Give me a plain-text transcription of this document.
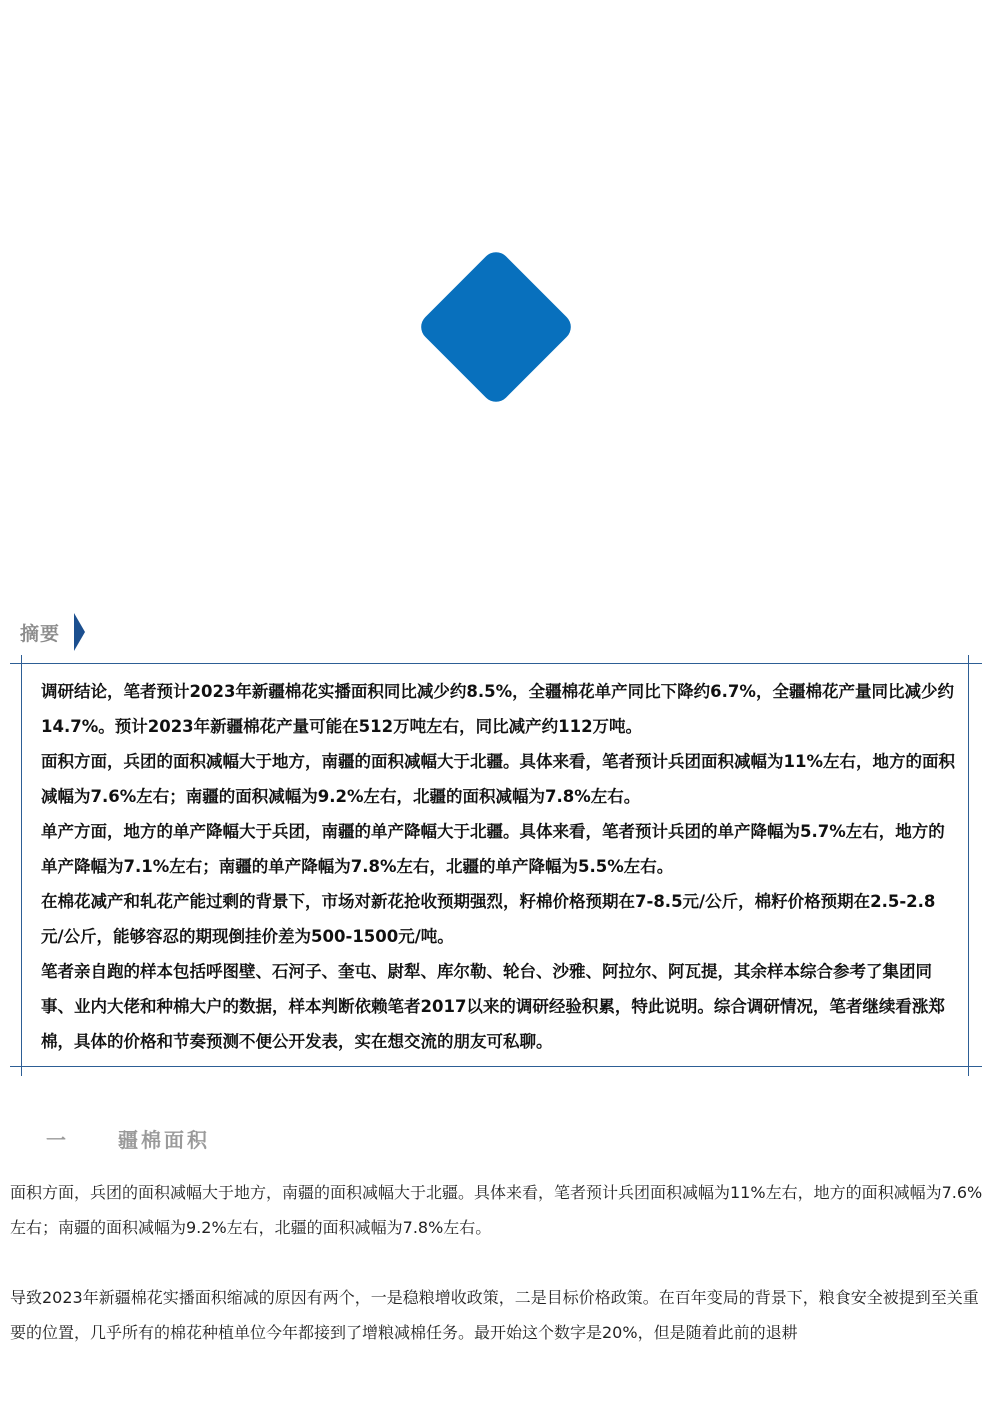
摘要

调研结论，笔者预计2023年新疆棉花实播面积同比减少约8.5%，全疆棉花单产同比下降约6.7%，全疆棉花产量同比减少约14.7%。预计2023年新疆棉花产量可能在512万吨左右，同比减产约112万吨。

面积方面，兵团的面积减幅大于地方，南疆的面积减幅大于北疆。具体来看，笔者预计兵团面积减幅为11%左右，地方的面积减幅为7.6%左右；南疆的面积减幅为9.2%左右，北疆的面积减幅为7.8%左右。

单产方面，地方的单产降幅大于兵团，南疆的单产降幅大于北疆。具体来看，笔者预计兵团的单产降幅为5.7%左右，地方的单产降幅为7.1%左右；南疆的单产降幅为7.8%左右，北疆的单产降幅为5.5%左右。

在棉花减产和轧花产能过剩的背景下，市场对新花抢收预期强烈，籽棉价格预期在7-8.5元/公斤，棉籽价格预期在2.5-2.8元/公斤，能够容忍的期现倒挂价差为500-1500元/吨。

笔者亲自跑的样本包括呼图壁、石河子、奎屯、尉犁、库尔勒、轮台、沙雅、阿拉尔、阿瓦提，其余样本综合参考了集团同事、业内大佬和种棉大户的数据，样本判断依赖笔者2017以来的调研经验积累，特此说明。综合调研情况，笔者继续看涨郑棉，具体的价格和节奏预测不便公开发表，实在想交流的朋友可私聊。

一	疆棉面积

面积方面，兵团的面积减幅大于地方，南疆的面积减幅大于北疆。具体来看，笔者预计兵团面积减幅为11%左右，地方的面积减幅为7.6%左右；南疆的面积减幅为9.2%左右，北疆的面积减幅为7.8%左右。

导致2023年新疆棉花实播面积缩减的原因有两个，一是稳粮增收政策，二是目标价格政策。在百年变局的背景下，粮食安全被提到至关重要的位置，几乎所有的棉花种植单位今年都接到了增粮减棉任务。最开始这个数字是20%，但是随着此前的退耕
